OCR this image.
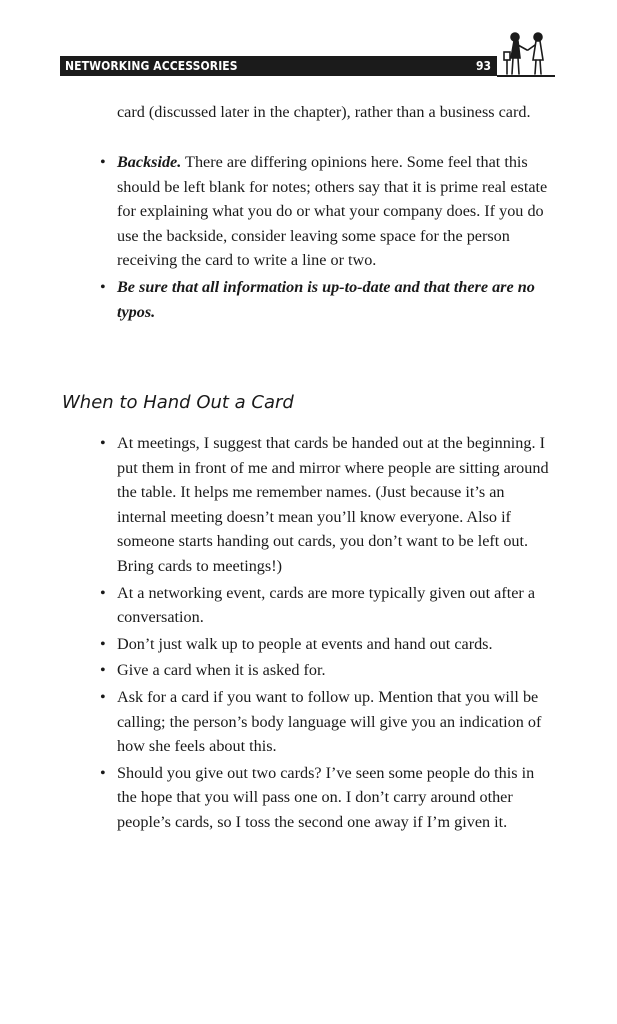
NETWORKING ACCESSORIES	93

card (discussed later in the chapter), rather than a business card.

• Backside. There are differing opinions here. Some feel that this should be left blank for notes; others say that it is prime real estate for explaining what you do or what your company does. If you do use the backside, consider leaving some space for the person receiving the card to write a line or two.
• Be sure that all information is up-to-date and that there are no typos.
When to Hand Out a Card
• At meetings, I suggest that cards be handed out at the beginning. I put them in front of me and mirror where people are sitting around the table. It helps me remember names. (Just because it’s an internal meeting doesn’t mean you’ll know everyone. Also if someone starts handing out cards, you don’t want to be left out. Bring cards to meetings!)
• At a networking event, cards are more typically given out after a conversation.
• Don’t just walk up to people at events and hand out cards.
• Give a card when it is asked for.
• Ask for a card if you want to follow up. Mention that you will be calling; the person’s body language will give you an indication of how she feels about this.
• Should you give out two cards? I’ve seen some people do this in the hope that you will pass one on. I don’t carry around other people’s cards, so I toss the second one away if I’m given it.
